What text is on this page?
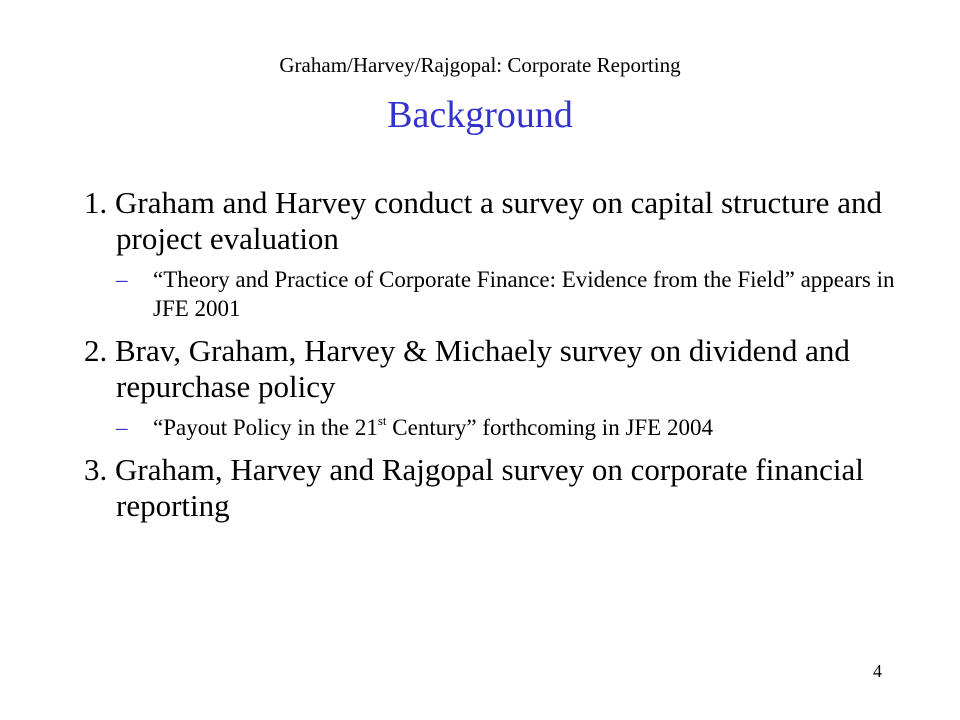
Graham/Harvey/Rajgopal: Corporate Reporting
Background
1. Graham and Harvey conduct a survey on capital structure and project evaluation
– “Theory and Practice of Corporate Finance: Evidence from the Field” appears in JFE 2001
2. Brav, Graham, Harvey & Michaely survey on dividend and repurchase policy
– “Payout Policy in the 21st Century” forthcoming in JFE 2004
3. Graham, Harvey and Rajgopal survey on corporate financial reporting
4
